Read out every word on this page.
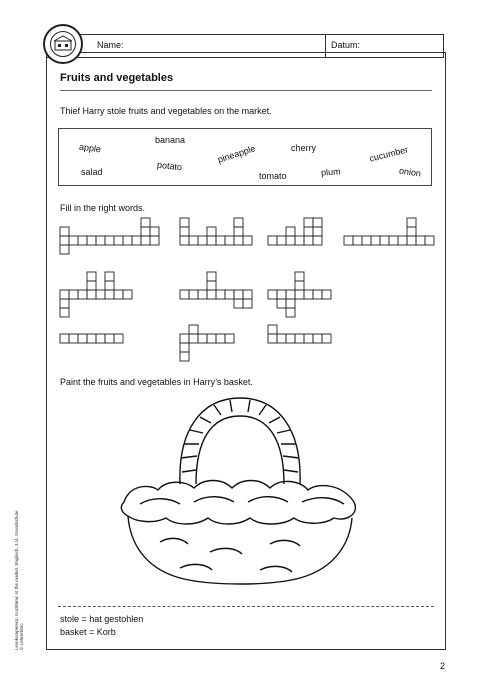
Name:	Datum:
Fruits and vegetables
Thief Harry stole fruits and vegetables on the market.
apple
banana
potato
pineapple	cherry	cucumber
salad	tomato	plum	onion
Fill in the right words.
Paint the fruits and vegetables in Harry’s basket.
stole = hat gestohlen
basket = Korb
Lesekompetenz, Kurzkrimi: At the market, Englisch, 3./4. Grundschule © Lehrerbüro
2
